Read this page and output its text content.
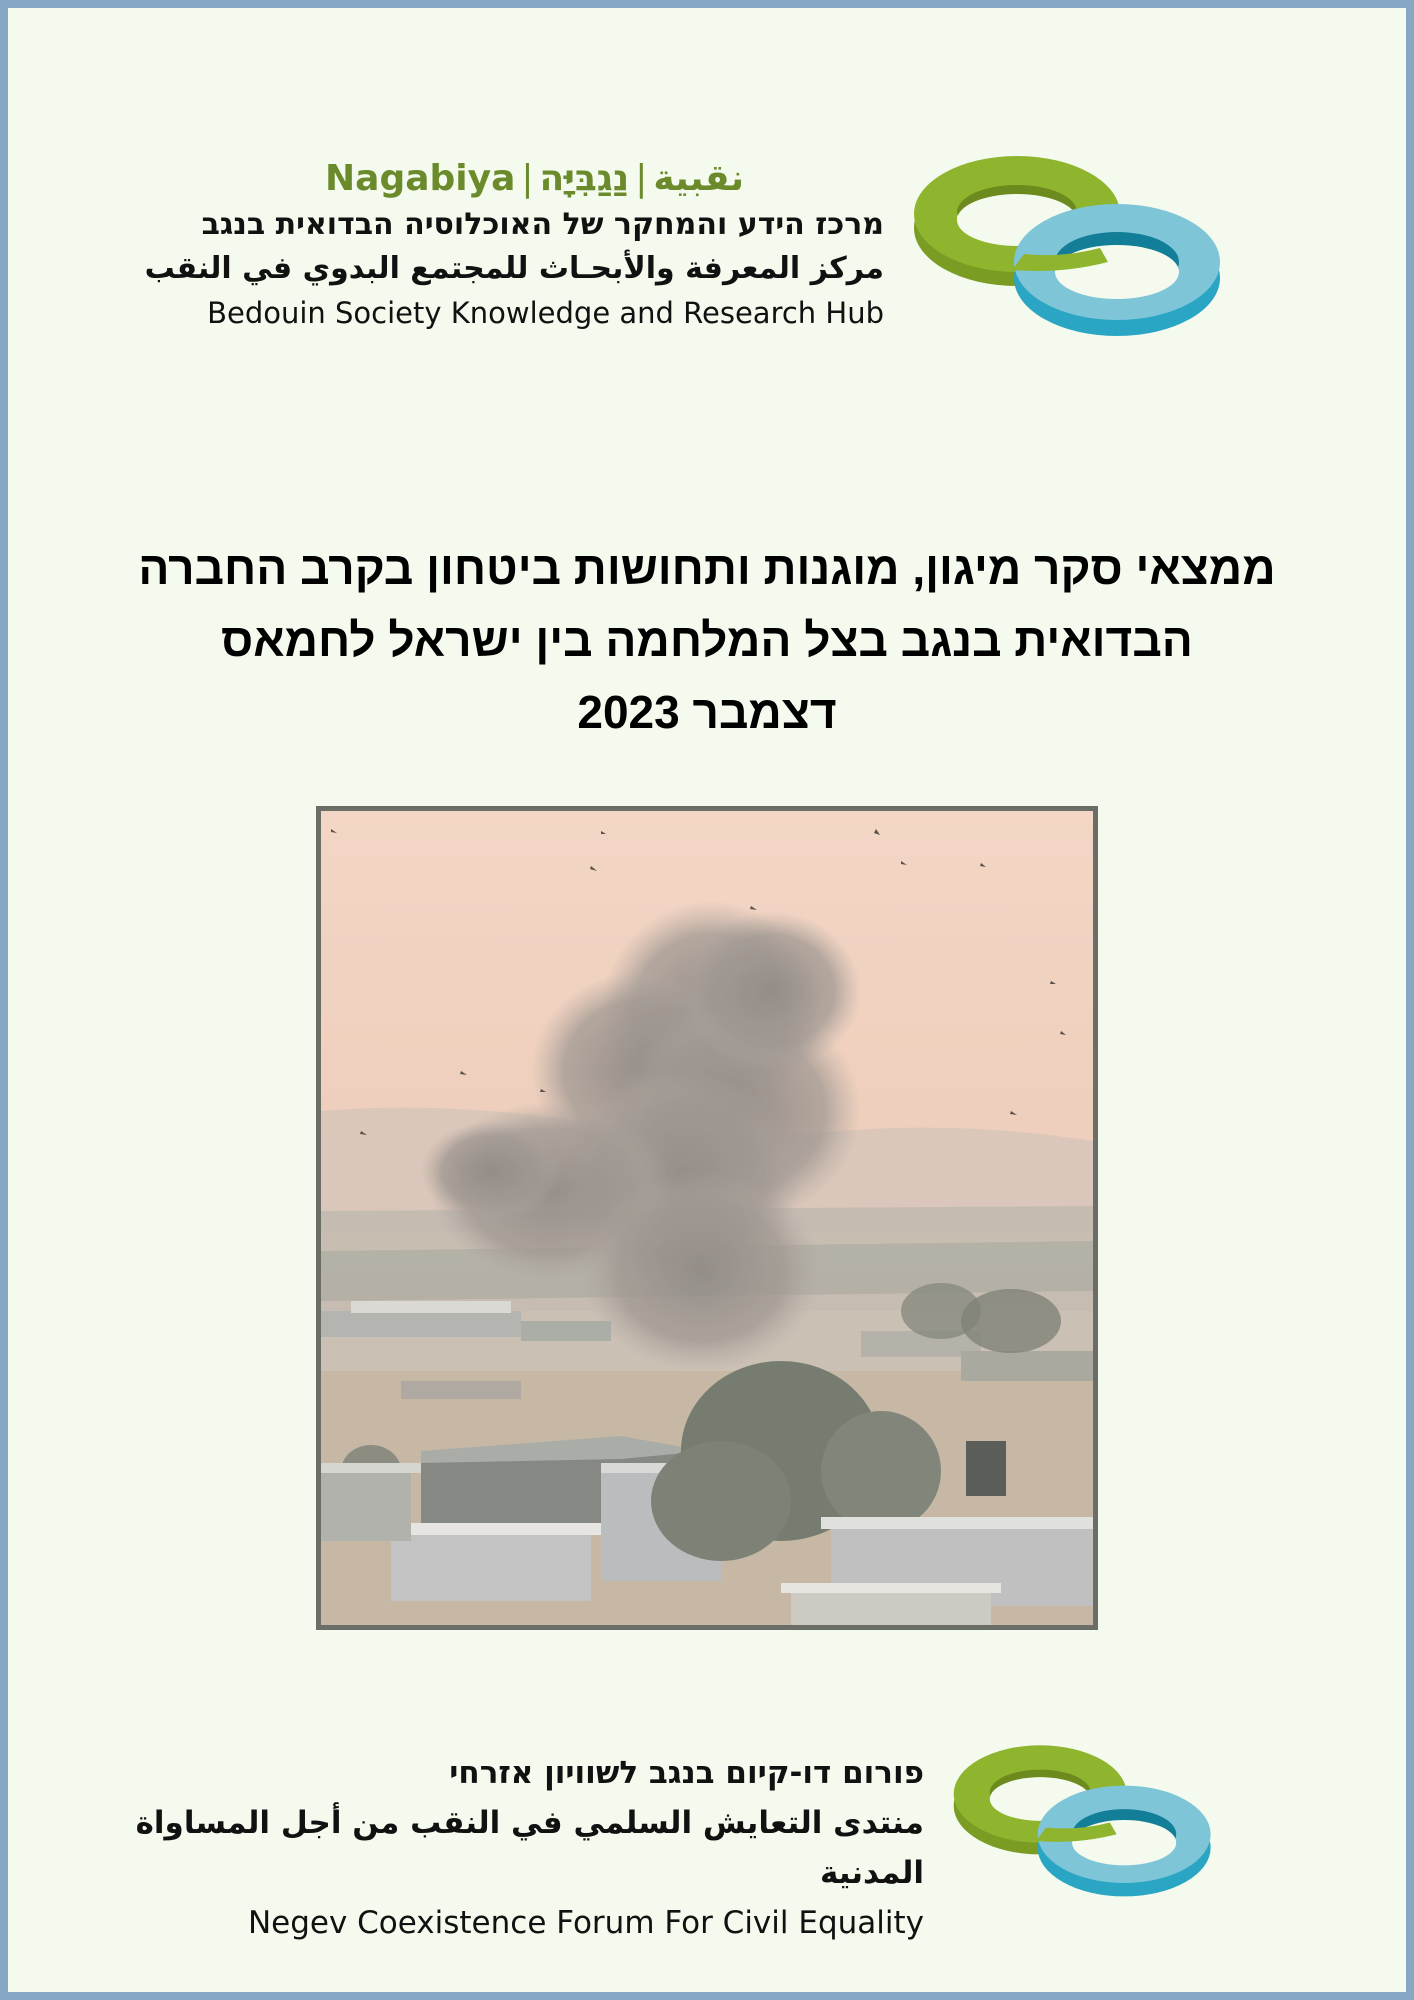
Nagabiya |	نقبية|נַגַבִּיָּה
מרכז הידע והמחקר של האוכלוסיה הבדואית בנגב
مركز المعرفة والأبحـاث للمجتمع البدوي في النقب
Bedouin Society Knowledge and Research Hub
ממצאי סקר מיגון, מוגנות ותחושות ביטחון בקרב החברה
הבדואית בנגב בצל המלחמה בין ישראל לחמאס
דצמבר 2023
פורום דו-קיום בנגב לשוויון אזרחי
منتدى التعايش السلمي في النقب من أجل المساواة المدنية
Negev Coexistence Forum For Civil Equality
